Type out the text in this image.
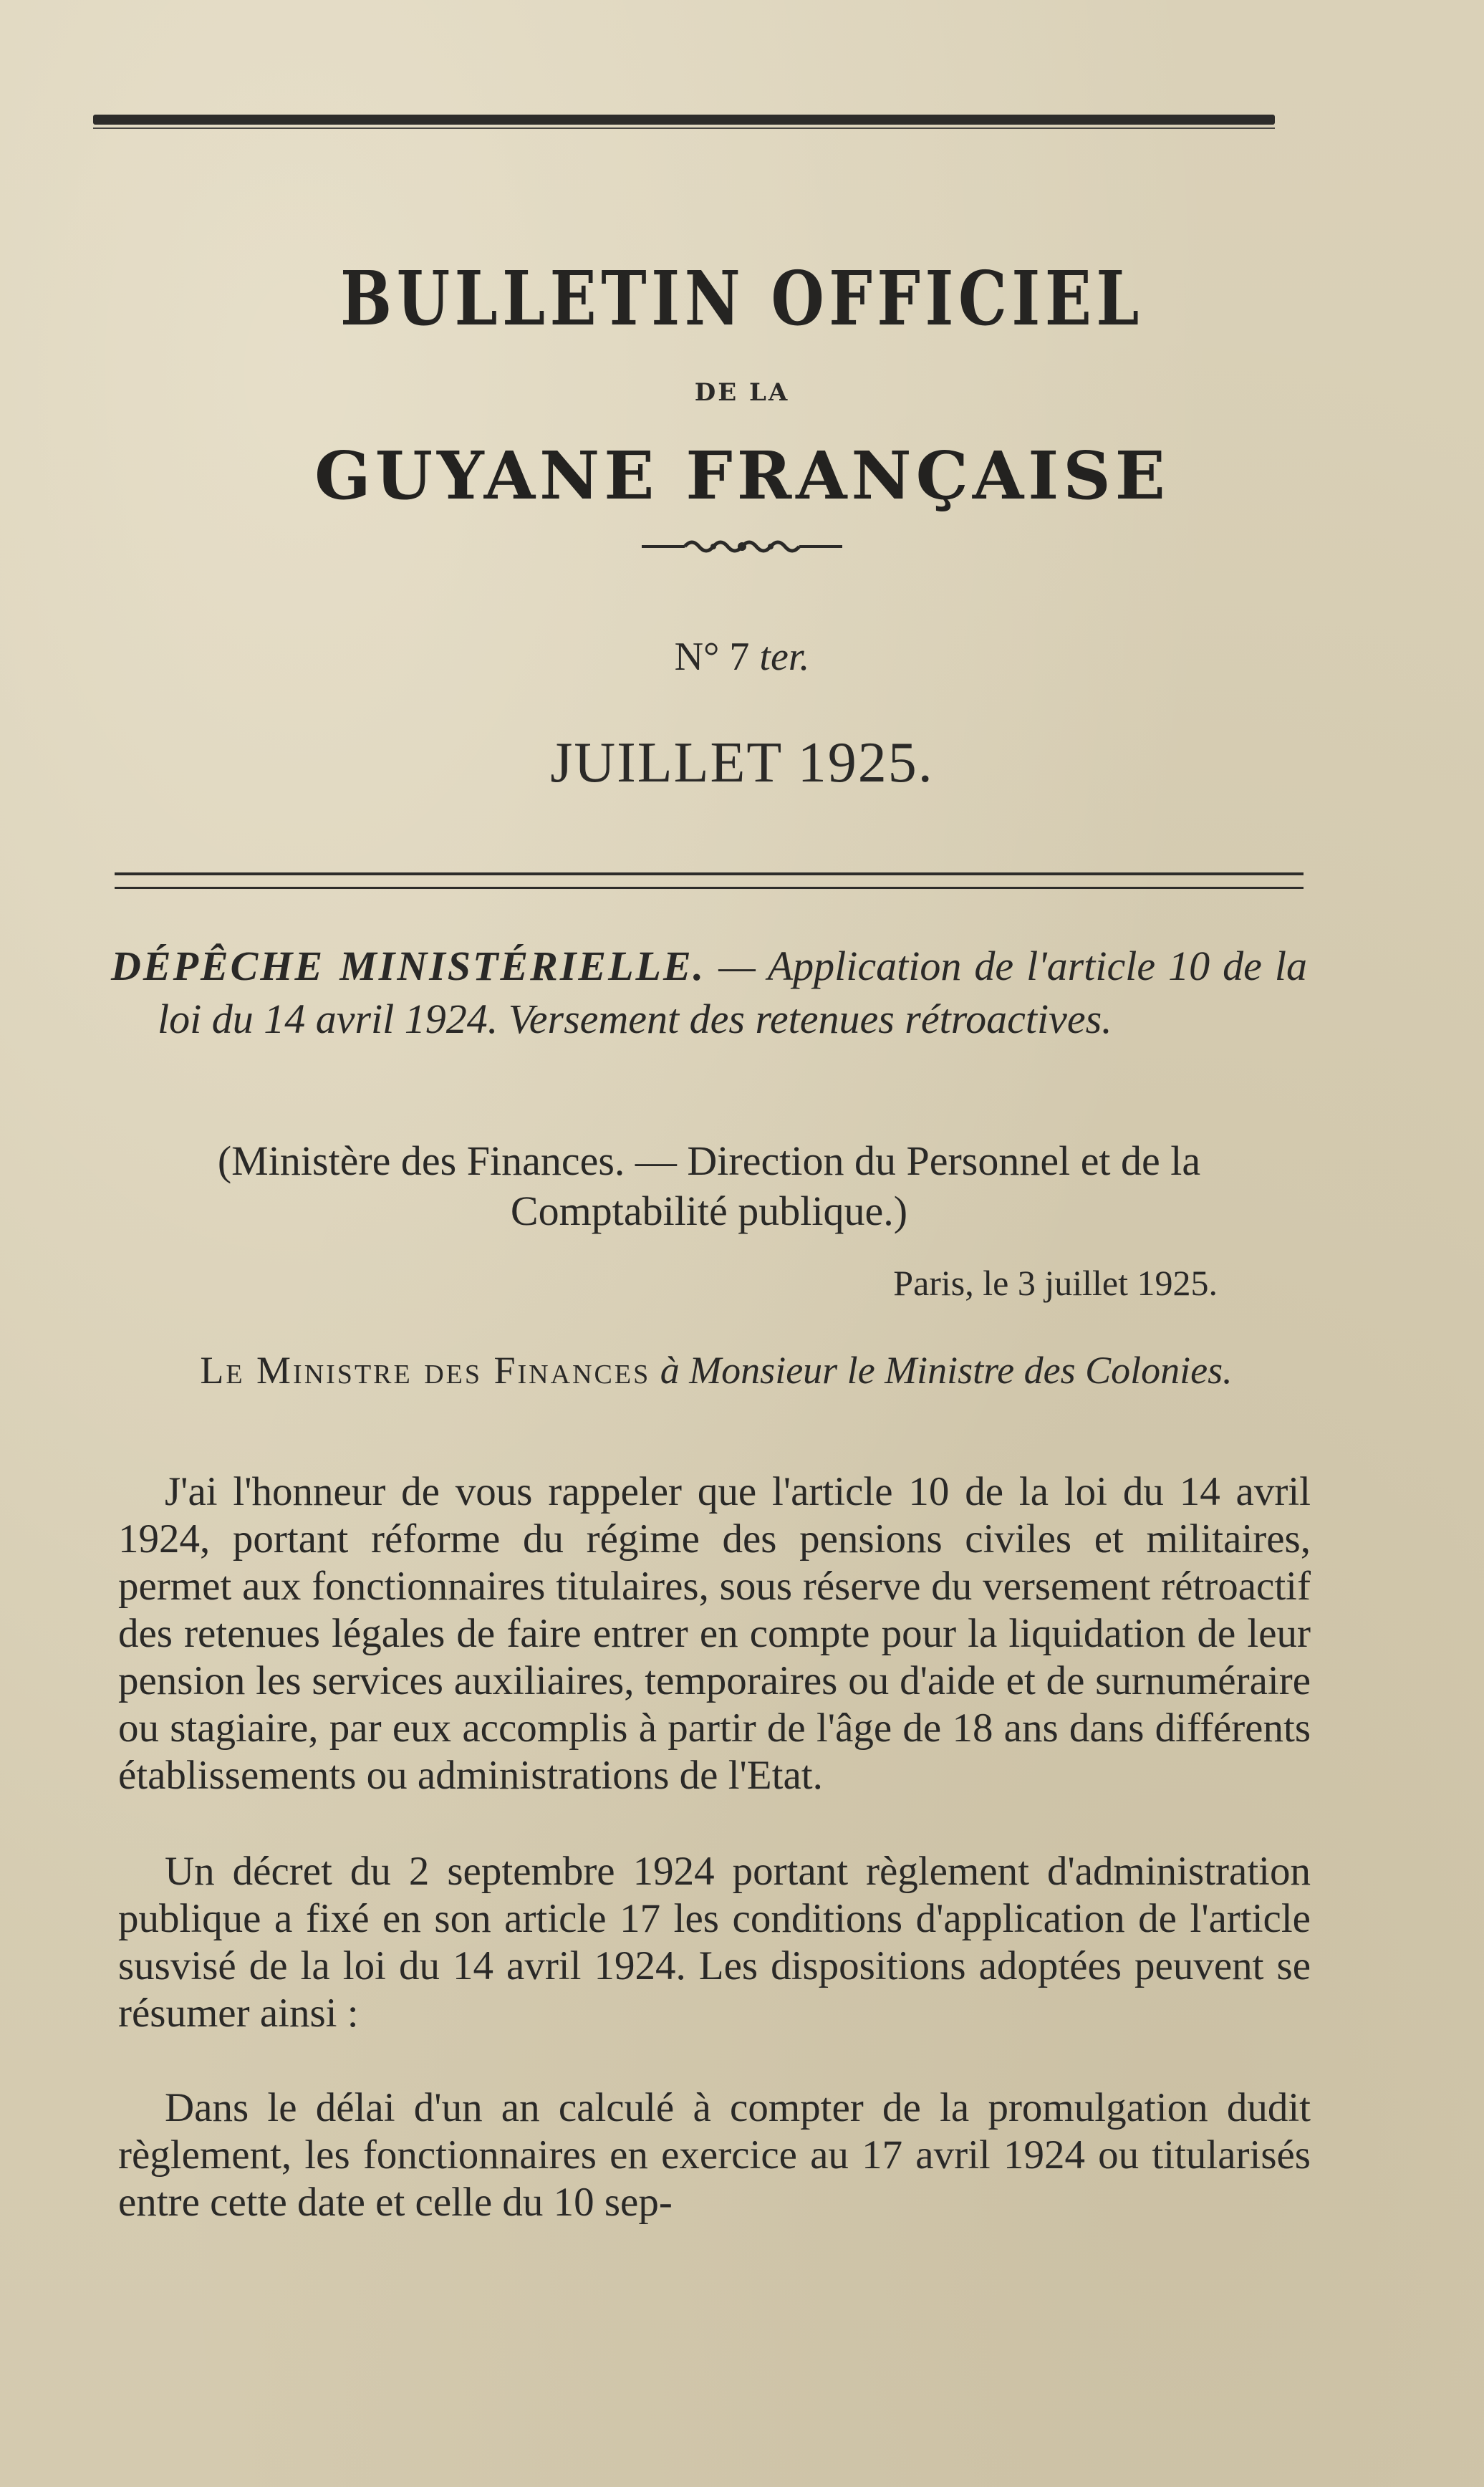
BULLETIN OFFICIEL
DE LA
GUYANE FRANÇAISE
N° 7 ter.
JUILLET 1925.
DÉPÊCHE MINISTÉRIELLE. — Application de l'article 10 de la loi du 14 avril 1924. Versement des retenues rétroactives.
(Ministère des Finances. — Direction du Personnel et de la Comptabilité publique.)
Paris, le 3 juillet 1925.
Le Ministre des Finances à Monsieur le Ministre des Colonies.
J'ai l'honneur de vous rappeler que l'article 10 de la loi du 14 avril 1924, portant réforme du régime des pensions civiles et militaires, permet aux fonctionnaires titulaires, sous réserve du versement rétroactif des retenues légales de faire entrer en compte pour la liquidation de leur pension les services auxiliaires, temporaires ou d'aide et de surnuméraire ou stagiaire, par eux accomplis à partir de l'âge de 18 ans dans différents établissements ou administrations de l'Etat.
Un décret du 2 septembre 1924 portant règlement d'administration publique a fixé en son article 17 les conditions d'application de l'article susvisé de la loi du 14 avril 1924. Les dispositions adoptées peuvent se résumer ainsi :
Dans le délai d'un an calculé à compter de la promulgation dudit règlement, les fonctionnaires en exercice au 17 avril 1924 ou titularisés entre cette date et celle du 10 sep-
